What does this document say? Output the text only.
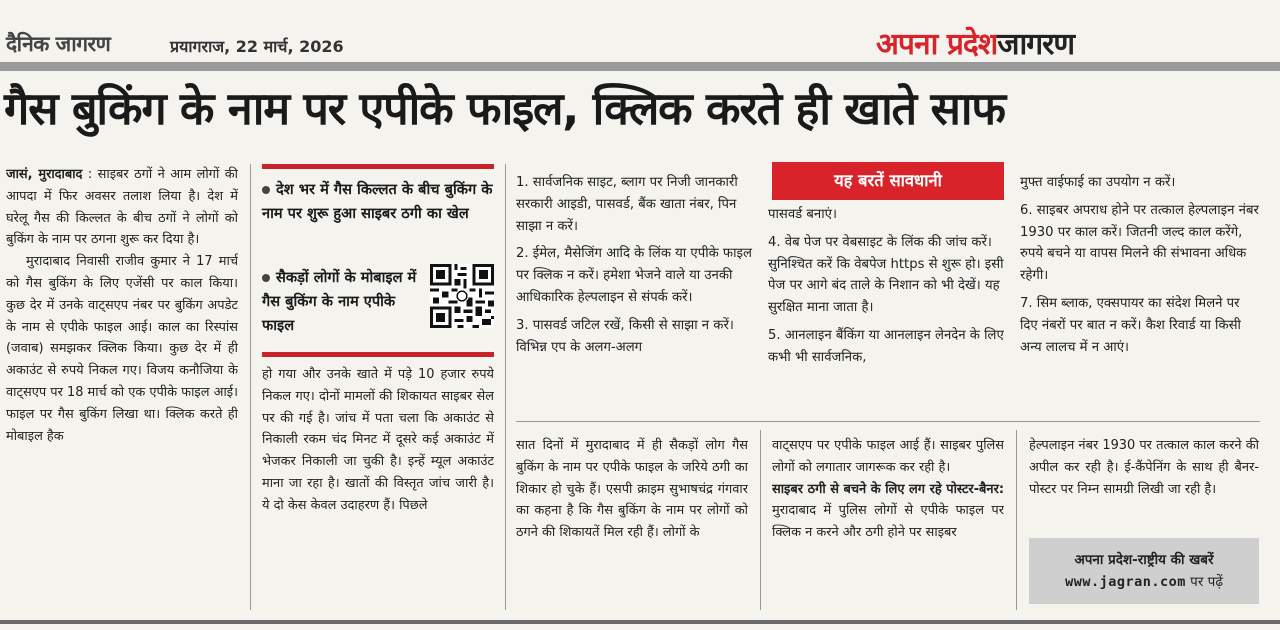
दैनिक जागरण	प्रयागराज, 22 मार्च, 2026	अपना प्रदेशजागरण
गैस बुकिंग के नाम पर एपीके फाइल, क्लिक करते ही खाते साफ

जासं, मुरादाबाद : साइबर ठगों ने आम लोगों की आपदा में फिर अवसर तलाश लिया है। देश में घरेलू गैस की किल्लत के बीच ठगों ने लोगों को बुकिंग के नाम पर ठगना शुरू कर दिया है।

मुरादाबाद निवासी राजीव कुमार ने 17 मार्च को गैस बुकिंग के लिए एजेंसी पर काल किया। कुछ देर में उनके वाट्सएप नंबर पर बुकिंग अपडेट के नाम से एपीके फाइल आई। काल का रिस्पांस (जवाब) समझकर क्लिक किया। कुछ देर में ही अकाउंट से रुपये निकल गए। विजय कनौजिया के वाट्सएप पर 18 मार्च को एक एपीके फाइल आई। फाइल पर गैस बुकिंग लिखा था। क्लिक करते ही मोबाइल हैक

देश भर में गैस किल्लत के बीच बुकिंग के नाम पर शुरू हुआ साइबर ठगी का खेल
सैकड़ों लोगों के मोबाइल में गैस बुकिंग के नाम एपीके फाइल

हो गया और उनके खाते में पड़े 10 हजार रुपये निकल गए। दोनों मामलों की शिकायत साइबर सेल पर की गई है। जांच में पता चला कि अकाउंट से निकाली रकम चंद मिनट में दूसरे कई अकाउंट में भेजकर निकाली जा चुकी है। इन्हें म्यूल अकाउंट माना जा रहा है। खातों की विस्तृत जांच जारी है। ये दो केस केवल उदाहरण हैं। पिछले

1. सार्वजनिक साइट, ब्लाग पर निजी जानकारी सरकारी आइडी, पासवर्ड, बैंक खाता नंबर, पिन साझा न करें।

2. ईमेल, मैसेजिंग आदि के लिंक या एपीके फाइल पर क्लिक न करें। हमेशा भेजने वाले या उनकी आधिकारिक हेल्पलाइन से संपर्क करें।

3. पासवर्ड जटिल रखें, किसी से साझा न करें। विभिन्न एप के अलग-अलग

यह बरतें सावधानी

पासवर्ड बनाएं।

4. वेब पेज पर वेबसाइट के लिंक की जांच करें। सुनिश्चित करें कि वेबपेज https से शुरू हो। इसी पेज पर आगे बंद ताले के निशान को भी देखें। यह सुरक्षित माना जाता है।

5. आनलाइन बैंकिंग या आनलाइन लेनदेन के लिए कभी भी सार्वजनिक,

मुफ्त वाईफाई का उपयोग न करें।

6. साइबर अपराध होने पर तत्काल हेल्पलाइन नंबर 1930 पर काल करें। जितनी जल्द काल करेंगे, रुपये बचने या वापस मिलने की संभावना अधिक रहेगी।

7. सिम ब्लाक, एक्सपायर का संदेश मिलने पर दिए नंबरों पर बात न करें। कैश रिवार्ड या किसी अन्य लालच में न आएं।

सात दिनों में मुरादाबाद में ही सैकड़ों लोग गैस बुकिंग के नाम पर एपीके फाइल के जरिये ठगी का शिकार हो चुके हैं। एसपी क्राइम सुभाषचंद्र गंगवार का कहना है कि गैस बुकिंग के नाम पर लोगों को ठगने की शिकायतें मिल रही हैं। लोगों के

वाट्सएप पर एपीके फाइल आई हैं। साइबर पुलिस लोगों को लगातार जागरूक कर रही है।

साइबर ठगी से बचने के लिए लग रहे पोस्टर-बैनर: मुरादाबाद में पुलिस लोगों से एपीके फाइल पर क्लिक न करने और ठगी होने पर साइबर

हेल्पलाइन नंबर 1930 पर तत्काल काल करने की अपील कर रही है। ई-कैंपेनिंग के साथ ही बैनर-पोस्टर पर निम्न सामग्री लिखी जा रही है।

अपना प्रदेश-राष्ट्रीय की खबरें
www.jagran.com पर पढ़ें
